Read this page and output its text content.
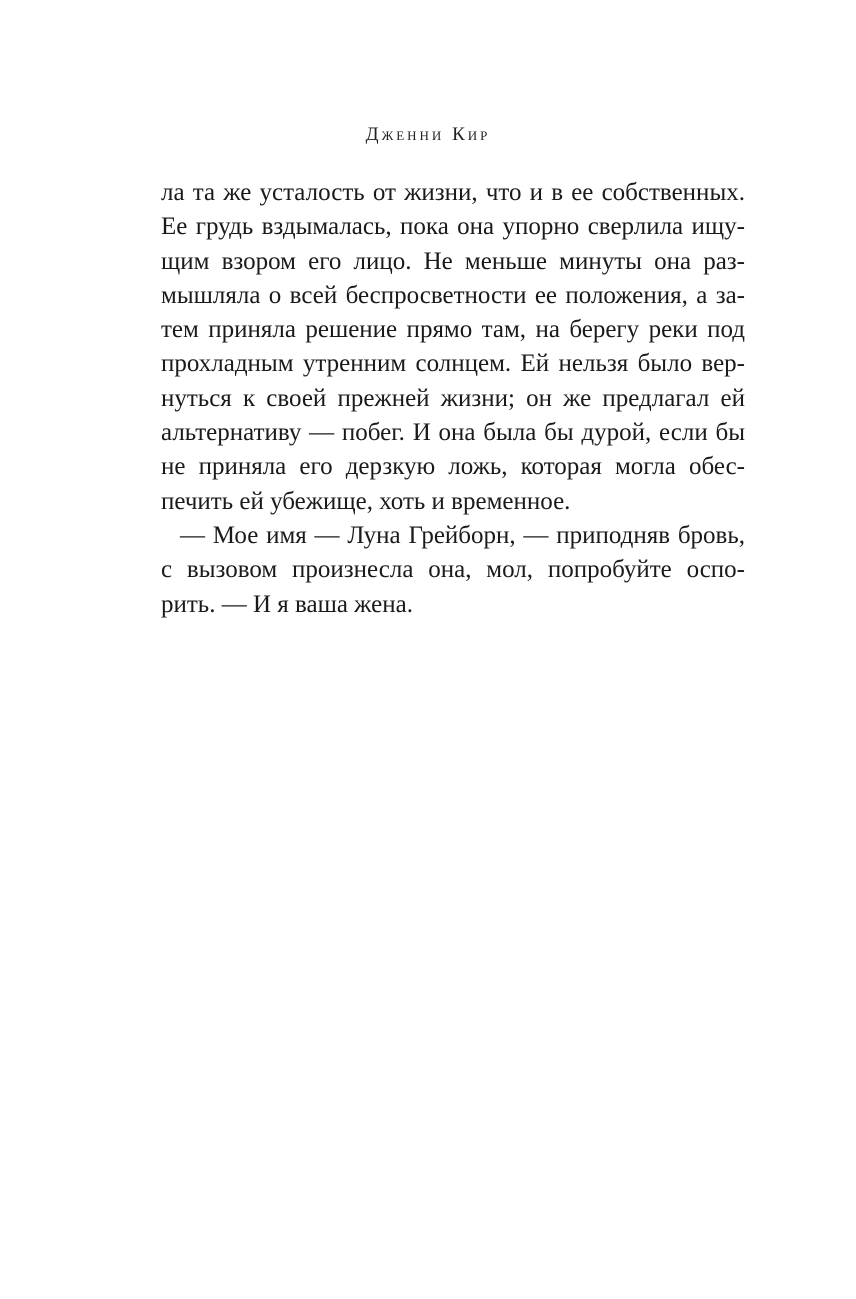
Дженни Кир
ла та же усталость от жизни, что и в ее собственных.
Ее грудь вздымалась, пока она упорно сверлила ищу-
щим взором его лицо. Не меньше минуты она раз-
мышляла о всей беспросветности ее положения, а за-
тем приняла решение прямо там, на берегу реки под
прохладным утренним солнцем. Ей нельзя было вер-
нуться к своей прежней жизни; он же предлагал ей
альтернативу — побег. И она была бы дурой, если бы
не приняла его дерзкую ложь, которая могла обес-
печить ей убежище, хоть и временное.
— Мое имя — Луна Грейборн, — приподняв бровь,
с вызовом произнесла она, мол, попробуйте оспо-
рить. — И я ваша жена.
